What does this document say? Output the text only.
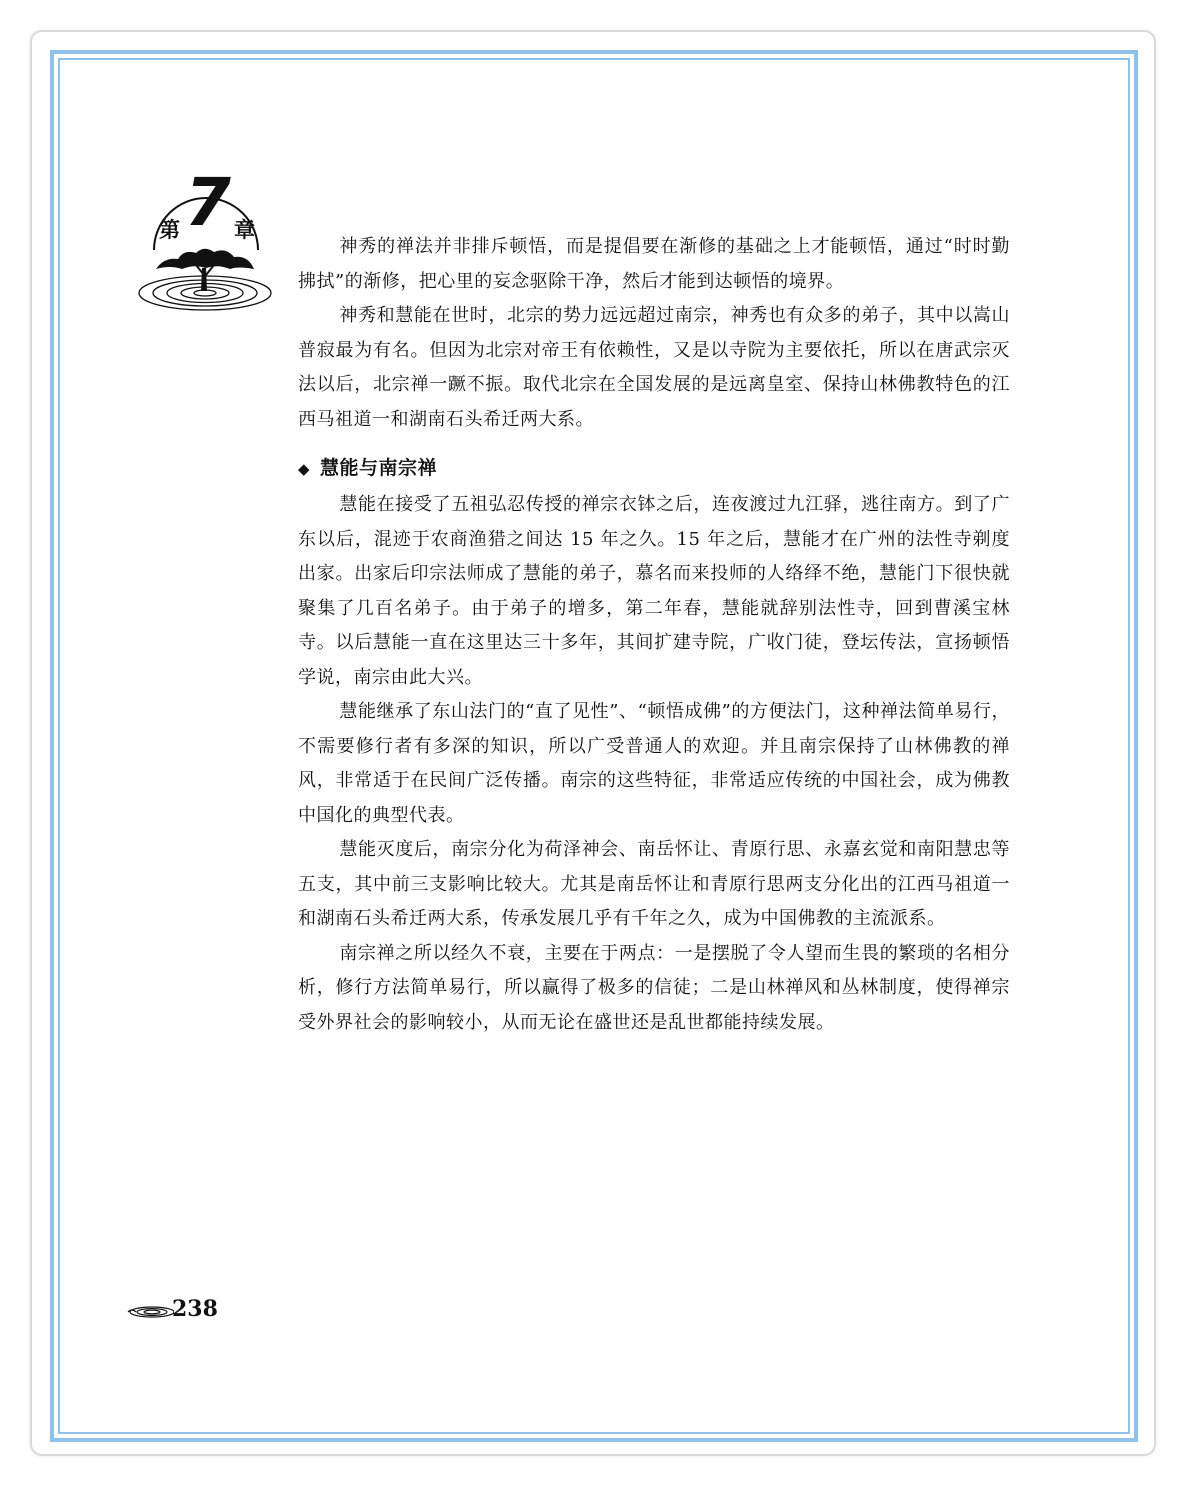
第 7 章

神秀的禅法并非排斥顿悟，而是提倡要在渐修的基础之上才能顿悟，通过“时时勤拂拭”的渐修，把心里的妄念驱除干净，然后才能到达顿悟的境界。

神秀和慧能在世时，北宗的势力远远超过南宗，神秀也有众多的弟子，其中以嵩山普寂最为有名。但因为北宗对帝王有依赖性，又是以寺院为主要依托，所以在唐武宗灭法以后，北宗禅一蹶不振。取代北宗在全国发展的是远离皇室、保持山林佛教特色的江西马祖道一和湖南石头希迁两大系。

◆ 慧能与南宗禅

慧能在接受了五祖弘忍传授的禅宗衣钵之后，连夜渡过九江驿，逃往南方。到了广东以后，混迹于农商渔猎之间达 15 年之久。15 年之后，慧能才在广州的法性寺剃度出家。出家后印宗法师成了慧能的弟子，慕名而来投师的人络绎不绝，慧能门下很快就聚集了几百名弟子。由于弟子的增多，第二年春，慧能就辞别法性寺，回到曹溪宝林寺。以后慧能一直在这里达三十多年，其间扩建寺院，广收门徒，登坛传法，宣扬顿悟学说，南宗由此大兴。

慧能继承了东山法门的“直了见性”、“顿悟成佛”的方便法门，这种禅法简单易行，不需要修行者有多深的知识，所以广受普通人的欢迎。并且南宗保持了山林佛教的禅风，非常适于在民间广泛传播。南宗的这些特征，非常适应传统的中国社会，成为佛教中国化的典型代表。

慧能灭度后，南宗分化为荷泽神会、南岳怀让、青原行思、永嘉玄觉和南阳慧忠等五支，其中前三支影响比较大。尤其是南岳怀让和青原行思两支分化出的江西马祖道一和湖南石头希迁两大系，传承发展几乎有千年之久，成为中国佛教的主流派系。

南宗禅之所以经久不衰，主要在于两点：一是摆脱了令人望而生畏的繁琐的名相分析，修行方法简单易行，所以赢得了极多的信徒；二是山林禅风和丛林制度，使得禅宗受外界社会的影响较小，从而无论在盛世还是乱世都能持续发展。

238
